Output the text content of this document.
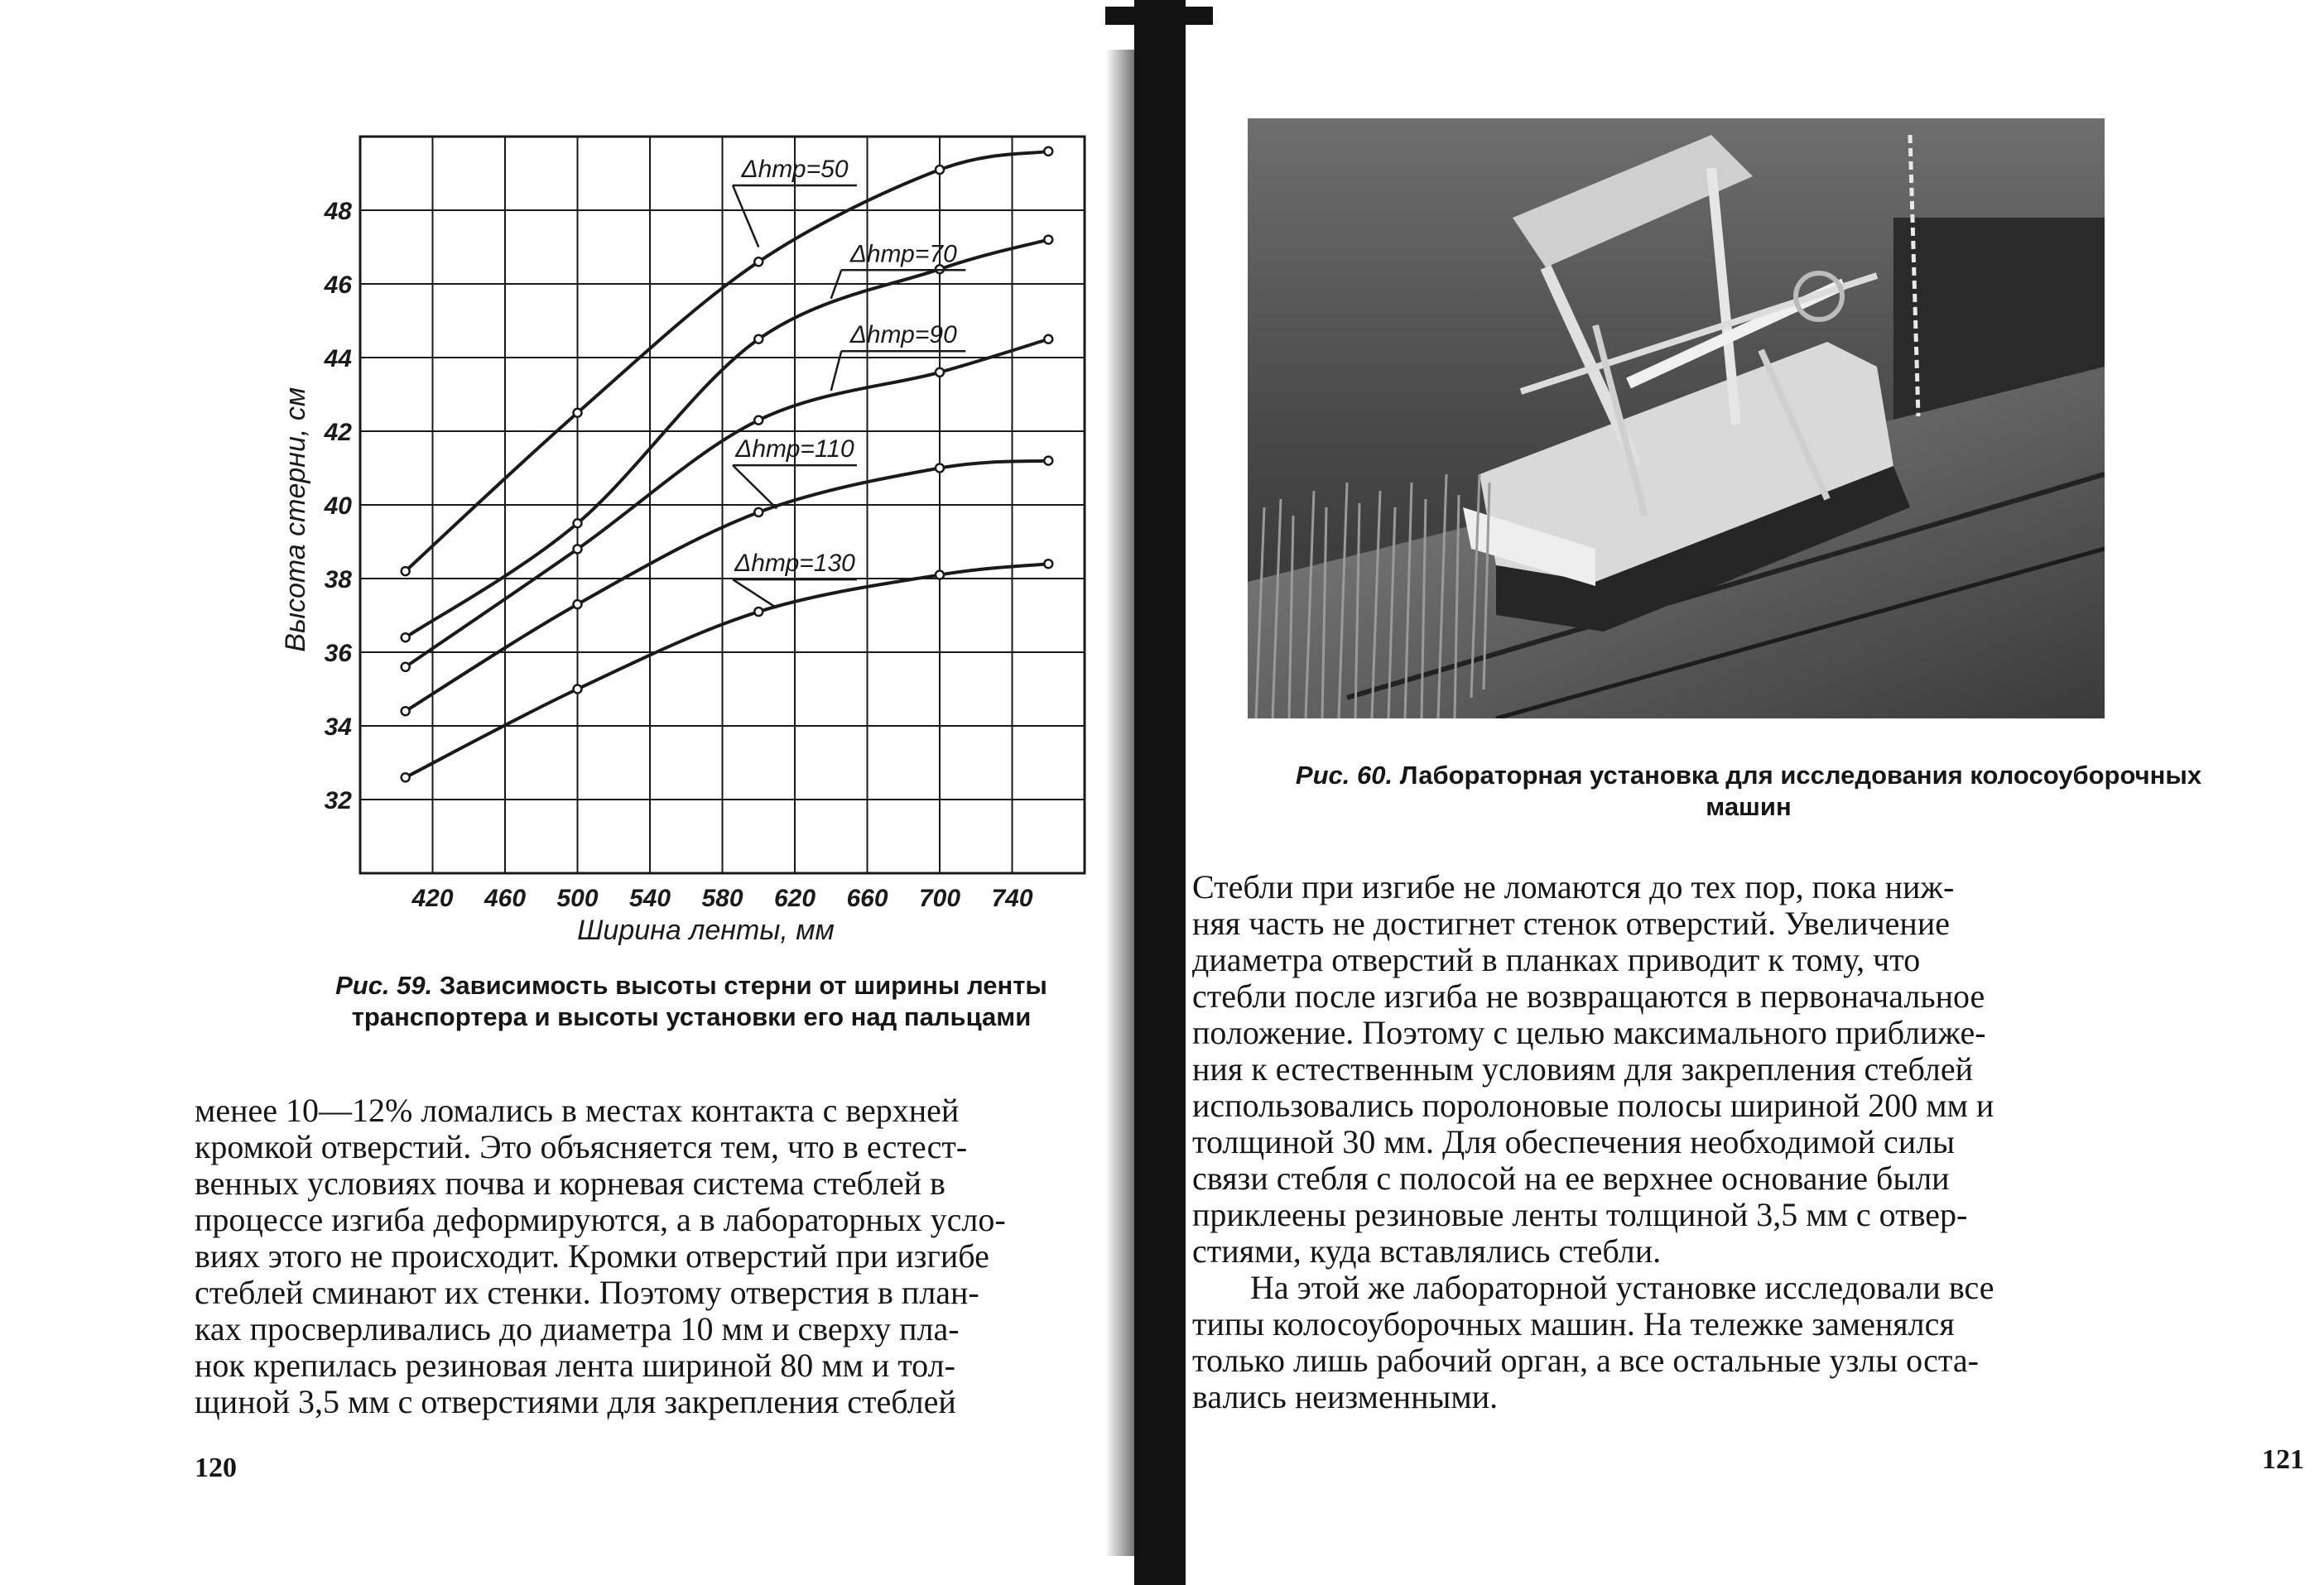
420 460 500 540 580 620 660 700 740
32
34
36
38
40
42
44
46
48
Ширина ленты, мм
Высота стерни, см
Δhтр=50
Δhтр=70
Δhтр=90
Δhтр=110
Δhтр=130
Рис. 59. Зависимость высоты стерни от ширины ленты транспортера и высоты установки его над пальцами

менее 10—12% ломались в местах контакта с верхней

кромкой отверстий. Это объясняется тем, что в естест-

венных условиях почва и корневая система стеблей в

процессе изгиба деформируются, а в лабораторных усло-

виях этого не происходит. Кромки отверстий при изгибе

стеблей сминают их стенки. Поэтому отверстия в план-

ках просверливались до диаметра 10 мм и сверху пла-

нок крепилась резиновая лента шириной 80 мм и тол-

щиной 3,5 мм с отверстиями для закрепления стеблей

120
Рис. 60. Лабораторная установка для исследования колосоуборочных машин

Стебли при изгибе не ломаются до тех пор, пока ниж-

няя часть не достигнет стенок отверстий. Увеличение

диаметра отверстий в планках приводит к тому, что

стебли после изгиба не возвращаются в первоначальное

положение. Поэтому с целью максимального приближе-

ния к естественным условиям для закрепления стеблей

использовались поролоновые полосы шириной 200 мм и

толщиной 30 мм. Для обеспечения необходимой силы

связи стебля с полосой на ее верхнее основание были

приклеены резиновые ленты толщиной 3,5 мм с отвер-

стиями, куда вставлялись стебли.

На этой же лабораторной установке исследовали все

типы колосоуборочных машин. На тележке заменялся

только лишь рабочий орган, а все остальные узлы оста-

вались неизменными.

121
